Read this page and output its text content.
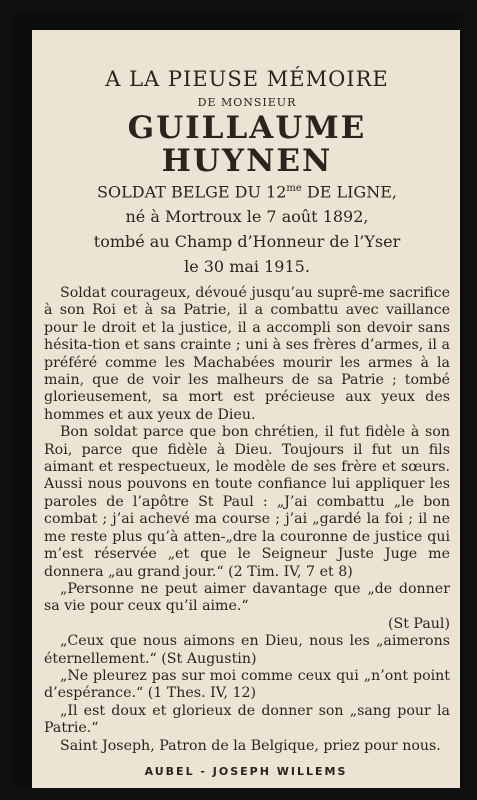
A LA PIEUSE MÉMOIRE
DE MONSIEUR
GUILLAUME HUYNEN
SOLDAT BELGE DU $12^{me}$ DE LIGNE,
né à Mortroux le 7 août 1892,
tombé au Champ d’Honneur de l’Yser
le 30 mai 1915.

Soldat courageux, dévoué jusqu’au suprê-me sacrifice à son Roi et à sa Patrie, il a combattu avec vaillance pour le droit et la justice, il a accompli son devoir sans hésita-tion et sans crainte ; uni à ses frères d’armes, il a préféré comme les Machabées mourir les armes à la main, que de voir les malheurs de sa Patrie ; tombé glorieusement, sa mort est précieuse aux yeux des hommes et aux yeux de Dieu.

Bon soldat parce que bon chrétien, il fut fidèle à son Roi, parce que fidèle à Dieu. Toujours il fut un fils aimant et respectueux, le modèle de ses frère et sœurs. Aussi nous pouvons en toute confiance lui appliquer les paroles de l’apôtre St Paul : „J’ai combattu „le bon combat ; j’ai achevé ma course ; j’ai „gardé la foi ; il ne me reste plus qu’à atten-„dre la couronne de justice qui m’est réservée „et que le Seigneur Juste Juge me donnera „au grand jour.“ (2 Tim. IV, 7 et 8)

„Personne ne peut aimer davantage que „de donner sa vie pour ceux qu’il aime.“

(St Paul)

„Ceux que nous aimons en Dieu, nous les „aimerons éternellement.“ (St Augustin)

„Ne pleurez pas sur moi comme ceux qui „n’ont point d’espérance.“ (1 Thes. IV, 12)

„Il est doux et glorieux de donner son „sang pour la Patrie.“

Saint Joseph, Patron de la Belgique, priez pour nous.

AUBEL - JOSEPH WILLEMS
